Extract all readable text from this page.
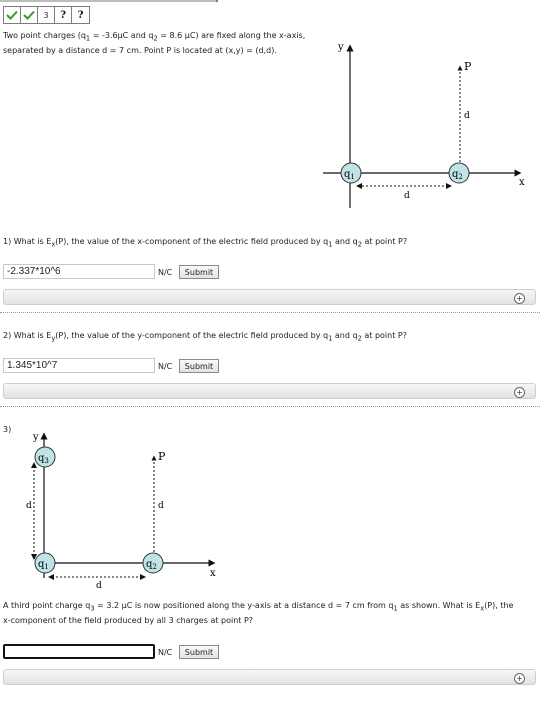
3	?	?
Two point charges ($q_1 = -3.6\mu C$ and $q_2 = 8.6$ μC) are fixed along the x-axis, separated by a distance d = 7 cm. Point P is located at (x,y) = (d,d).	y
x
P
d
d
$q_1$	$q_2$
1) What is $E_x(P)$, the value of the x-component of the electric field produced by $q_1$ and $q_2$ at point P?
-2.337*10^6	N/C	Submit
+
2) What is $E_y(P)$, the value of the y-component of the electric field produced by $q_1$ and $q_2$ at point P?
1.345*10^7	N/C	Submit
+
3)
y
x
d
P
d
d
$q_3$
$q_1$	$q_2$
A third point charge $q_3 = 3.2$ μC is now positioned along the y-axis at a distance d = 7 cm from $q_1$ as shown. What is $E_x(P)$, the x-component of the field produced by all 3 charges at point P?
N/C	Submit
+
